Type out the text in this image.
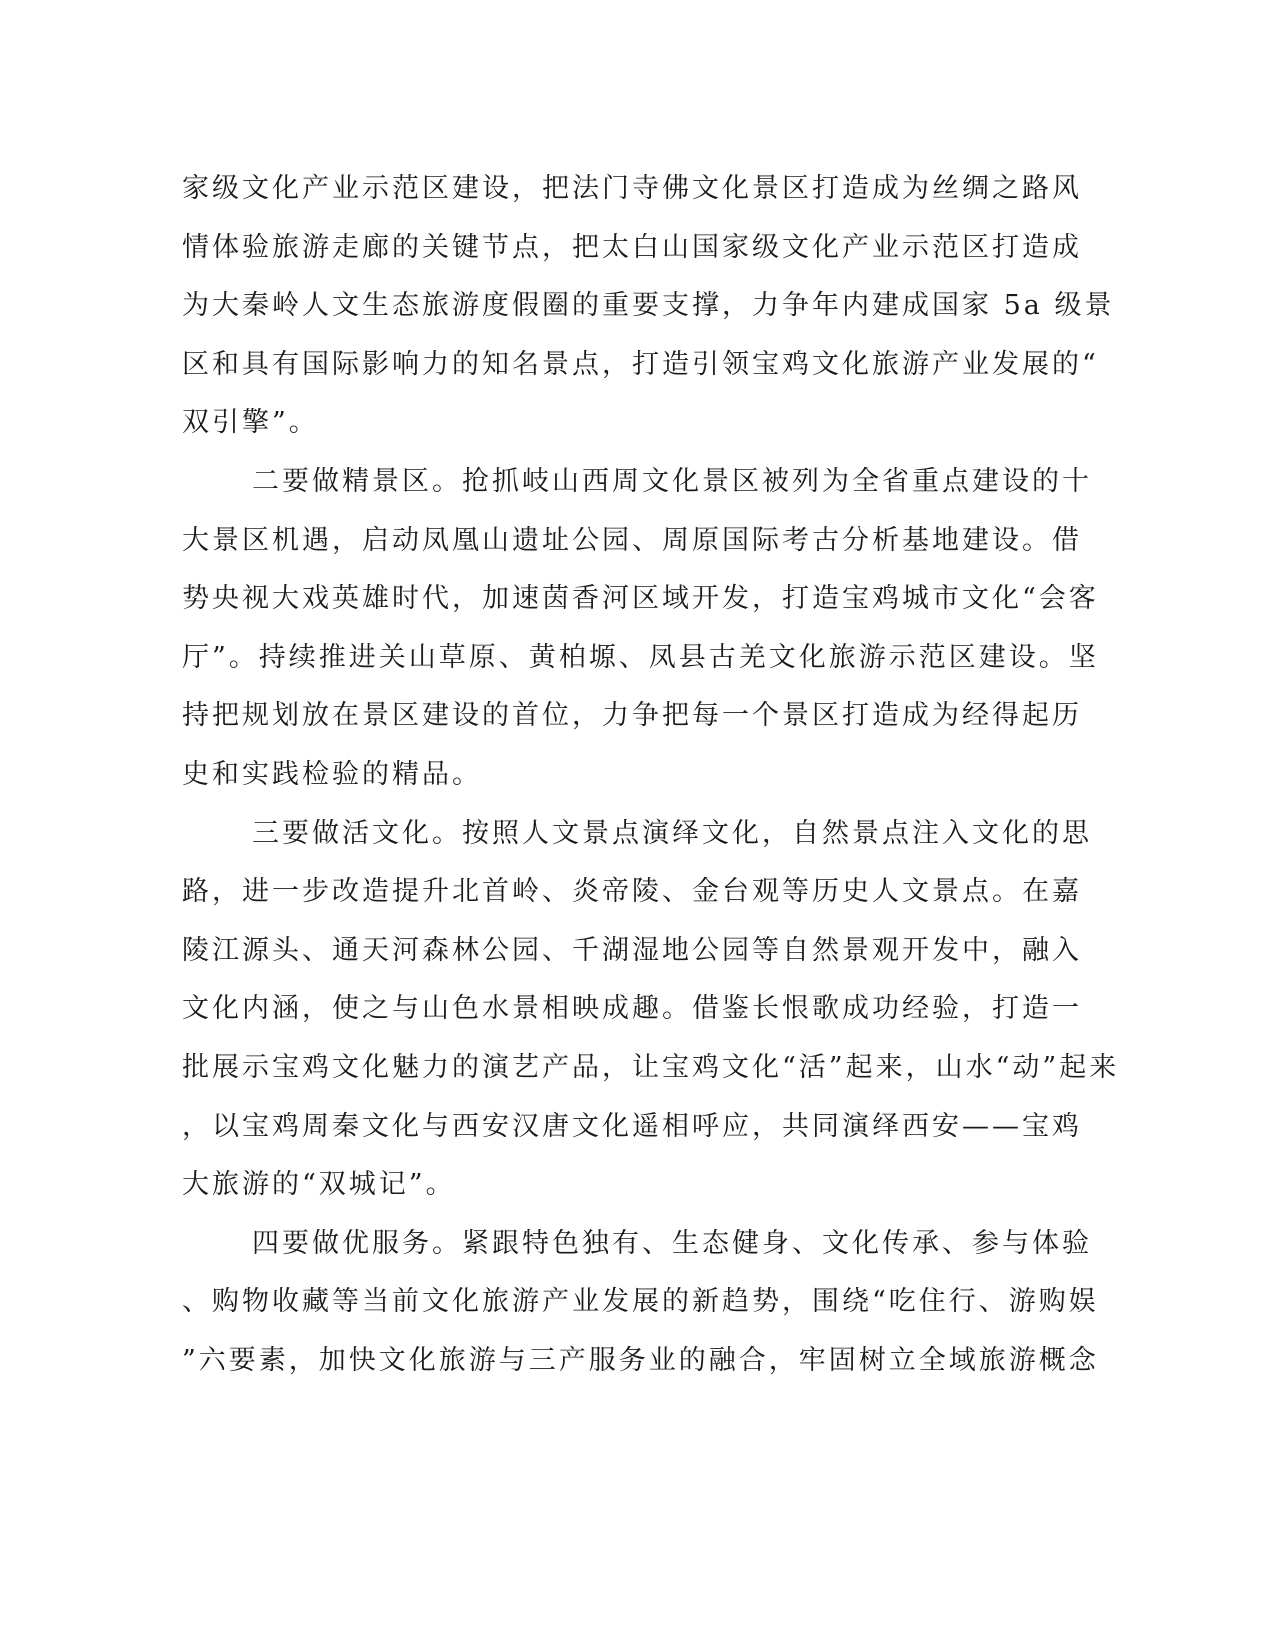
家级文化产业示范区建设，把法门寺佛文化景区打造成为丝绸之路风
情体验旅游走廊的关键节点，把太白山国家级文化产业示范区打造成
为大秦岭人文生态旅游度假圈的重要支撑，力争年内建成国家 5a 级景
区和具有国际影响力的知名景点，打造引领宝鸡文化旅游产业发展的“
双引擎”。
二要做精景区。抢抓岐山西周文化景区被列为全省重点建设的十
大景区机遇，启动凤凰山遗址公园、周原国际考古分析基地建设。借
势央视大戏英雄时代，加速茵香河区域开发，打造宝鸡城市文化“会客
厅”。持续推进关山草原、黄柏塬、凤县古羌文化旅游示范区建设。坚
持把规划放在景区建设的首位，力争把每一个景区打造成为经得起历
史和实践检验的精品。
三要做活文化。按照人文景点演绎文化，自然景点注入文化的思
路，进一步改造提升北首岭、炎帝陵、金台观等历史人文景点。在嘉
陵江源头、通天河森林公园、千湖湿地公园等自然景观开发中，融入
文化内涵，使之与山色水景相映成趣。借鉴长恨歌成功经验，打造一
批展示宝鸡文化魅力的演艺产品，让宝鸡文化“活”起来，山水“动”起来
，以宝鸡周秦文化与西安汉唐文化遥相呼应，共同演绎西安——宝鸡
大旅游的“双城记”。
四要做优服务。紧跟特色独有、生态健身、文化传承、参与体验
、购物收藏等当前文化旅游产业发展的新趋势，围绕“吃住行、游购娱
”六要素，加快文化旅游与三产服务业的融合，牢固树立全域旅游概念
